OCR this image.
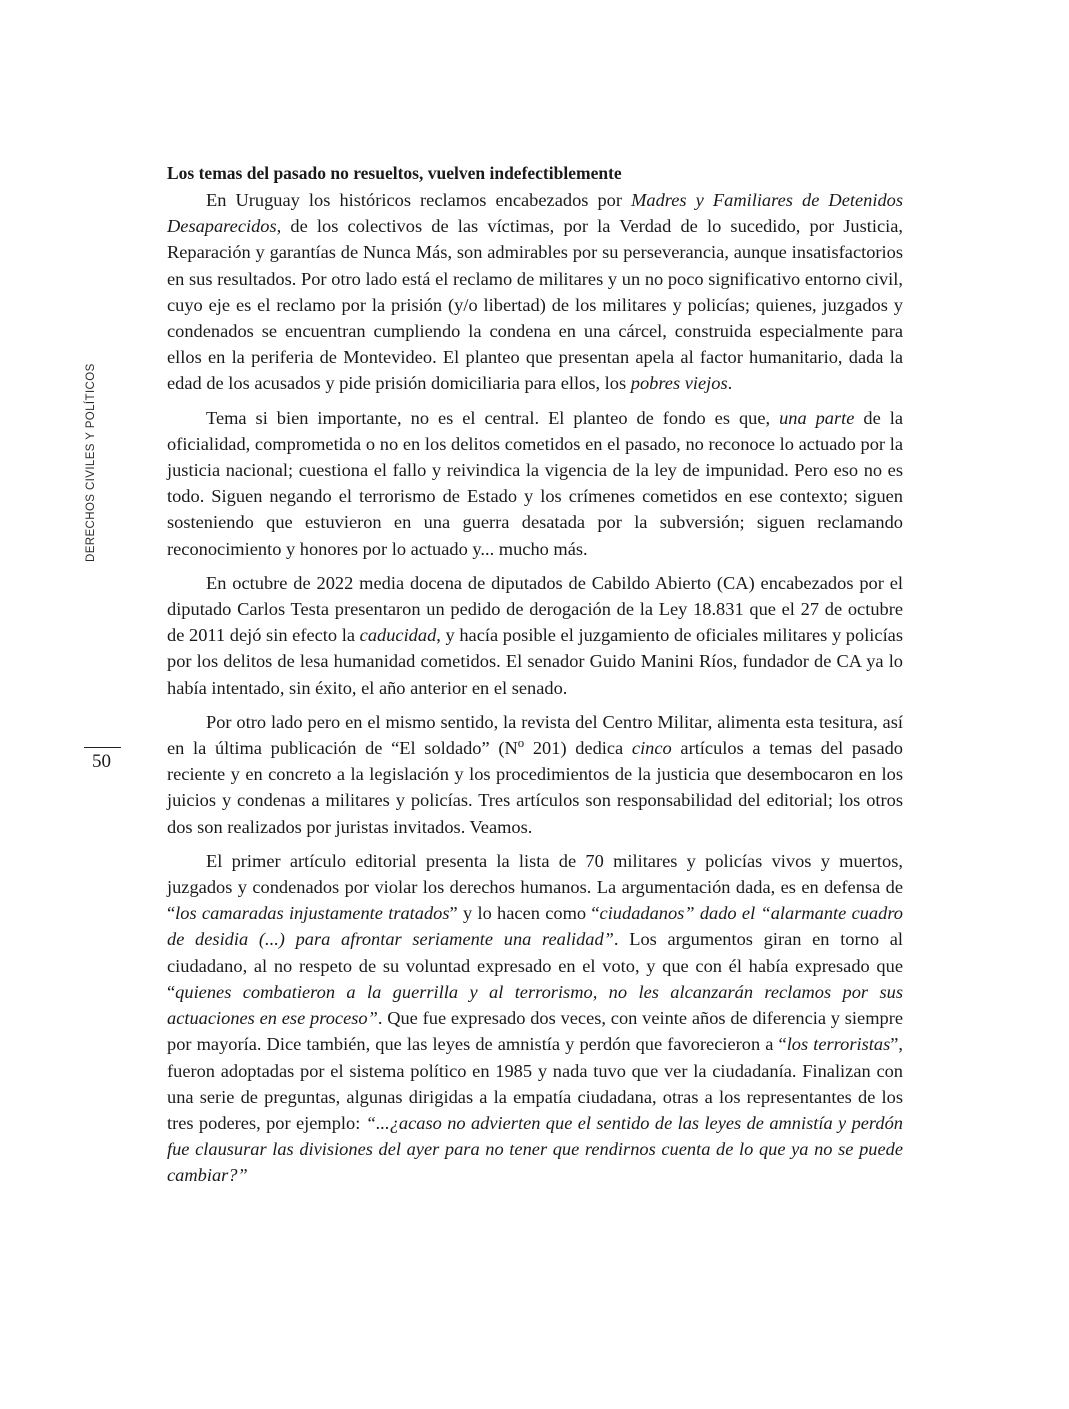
DERECHOS CIVILES Y POLÍTICOS
50
Los temas del pasado no resueltos, vuelven indefectiblemente

En Uruguay los históricos reclamos encabezados por Madres y Familiares de Detenidos Desaparecidos, de los colectivos de las víctimas, por la Verdad de lo sucedido, por Justicia, Reparación y garantías de Nunca Más, son admirables por su perseverancia, aunque insatisfactorios en sus resultados. Por otro lado está el reclamo de militares y un no poco significativo entorno civil, cuyo eje es el reclamo por la prisión (y/o libertad) de los militares y policías; quienes, juzgados y condenados se encuentran cumpliendo la condena en una cárcel, construida especialmente para ellos en la periferia de Montevideo. El planteo que presentan apela al factor humanitario, dada la edad de los acusados y pide prisión domiciliaria para ellos, los pobres viejos.

Tema si bien importante, no es el central. El planteo de fondo es que, una parte de la oficialidad, comprometida o no en los delitos cometidos en el pasado, no reconoce lo actuado por la justicia nacional; cuestiona el fallo y reivindica la vigencia de la ley de impunidad. Pero eso no es todo. Siguen negando el terrorismo de Estado y los crímenes cometidos en ese contexto; siguen sosteniendo que estuvieron en una guerra desatada por la subversión; siguen reclamando reconocimiento y honores por lo actuado y... mucho más.

En octubre de 2022 media docena de diputados de Cabildo Abierto (CA) encabezados por el diputado Carlos Testa presentaron un pedido de derogación de la Ley 18.831 que el 27 de octubre de 2011 dejó sin efecto la caducidad, y hacía posible el juzgamiento de oficiales militares y policías por los delitos de lesa humanidad cometidos. El senador Guido Manini Ríos, fundador de CA ya lo había intentado, sin éxito, el año anterior en el senado.

Por otro lado pero en el mismo sentido, la revista del Centro Militar, alimenta esta tesitura, así en la última publicación de “El soldado” ($N^o$ 201) dedica cinco artículos a temas del pasado reciente y en concreto a la legislación y los procedimientos de la justicia que desembocaron en los juicios y condenas a militares y policías. Tres artículos son responsabilidad del editorial; los otros dos son realizados por juristas invitados. Veamos.

El primer artículo editorial presenta la lista de 70 militares y policías vivos y muertos, juzgados y condenados por violar los derechos humanos. La argumentación dada, es en defensa de “los camaradas injustamente tratados” y lo hacen como “ciudadanos” dado el “alarmante cuadro de desidia (...) para afrontar seriamente una realidad”. Los argumentos giran en torno al ciudadano, al no respeto de su voluntad expresado en el voto, y que con él había expresado que “quienes combatieron a la guerrilla y al terrorismo, no les alcanzarán reclamos por sus actuaciones en ese proceso”. Que fue expresado dos veces, con veinte años de diferencia y siempre por mayoría. Dice también, que las leyes de amnistía y perdón que favorecieron a “los terroristas”, fueron adoptadas por el sistema político en 1985 y nada tuvo que ver la ciudadanía. Finalizan con una serie de preguntas, algunas dirigidas a la empatía ciudadana, otras a los representantes de los tres poderes, por ejemplo: “...¿acaso no advierten que el sentido de las leyes de amnistía y perdón fue clausurar las divisiones del ayer para no tener que rendirnos cuenta de lo que ya no se puede cambiar?”
